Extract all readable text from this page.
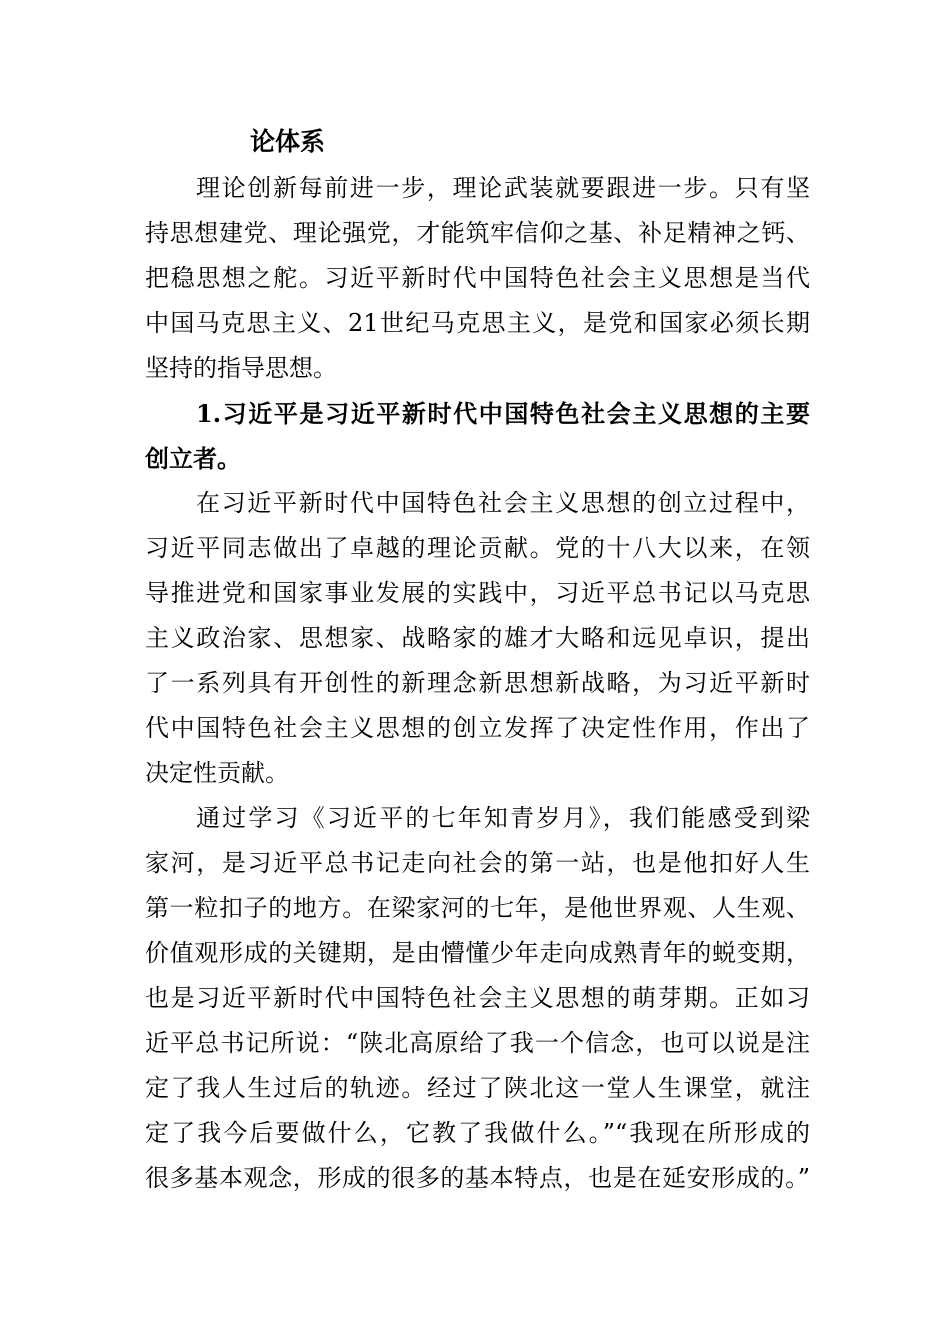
论体系
理论创新每前进一步，理论武装就要跟进一步。只有坚
持思想建党、理论强党，才能筑牢信仰之基、补足精神之钙、
把稳思想之舵。习近平新时代中国特色社会主义思想是当代
中国马克思主义、21世纪马克思主义，是党和国家必须长期
坚持的指导思想。
1.习近平是习近平新时代中国特色社会主义思想的主要
创立者。
在习近平新时代中国特色社会主义思想的创立过程中，
习近平同志做出了卓越的理论贡献。党的十八大以来，在领
导推进党和国家事业发展的实践中，习近平总书记以马克思
主义政治家、思想家、战略家的雄才大略和远见卓识，提出
了一系列具有开创性的新理念新思想新战略，为习近平新时
代中国特色社会主义思想的创立发挥了决定性作用，作出了
决定性贡献。
通过学习《习近平的七年知青岁月》，我们能感受到梁
家河，是习近平总书记走向社会的第一站，也是他扣好人生
第一粒扣子的地方。在梁家河的七年，是他世界观、人生观、
价值观形成的关键期，是由懵懂少年走向成熟青年的蜕变期，
也是习近平新时代中国特色社会主义思想的萌芽期。正如习
近平总书记所说：“陕北高原给了我一个信念，也可以说是注
定了我人生过后的轨迹。经过了陕北这一堂人生课堂，就注
定了我今后要做什么，它教了我做什么。”“我现在所形成的
很多基本观念，形成的很多的基本特点，也是在延安形成的。”
